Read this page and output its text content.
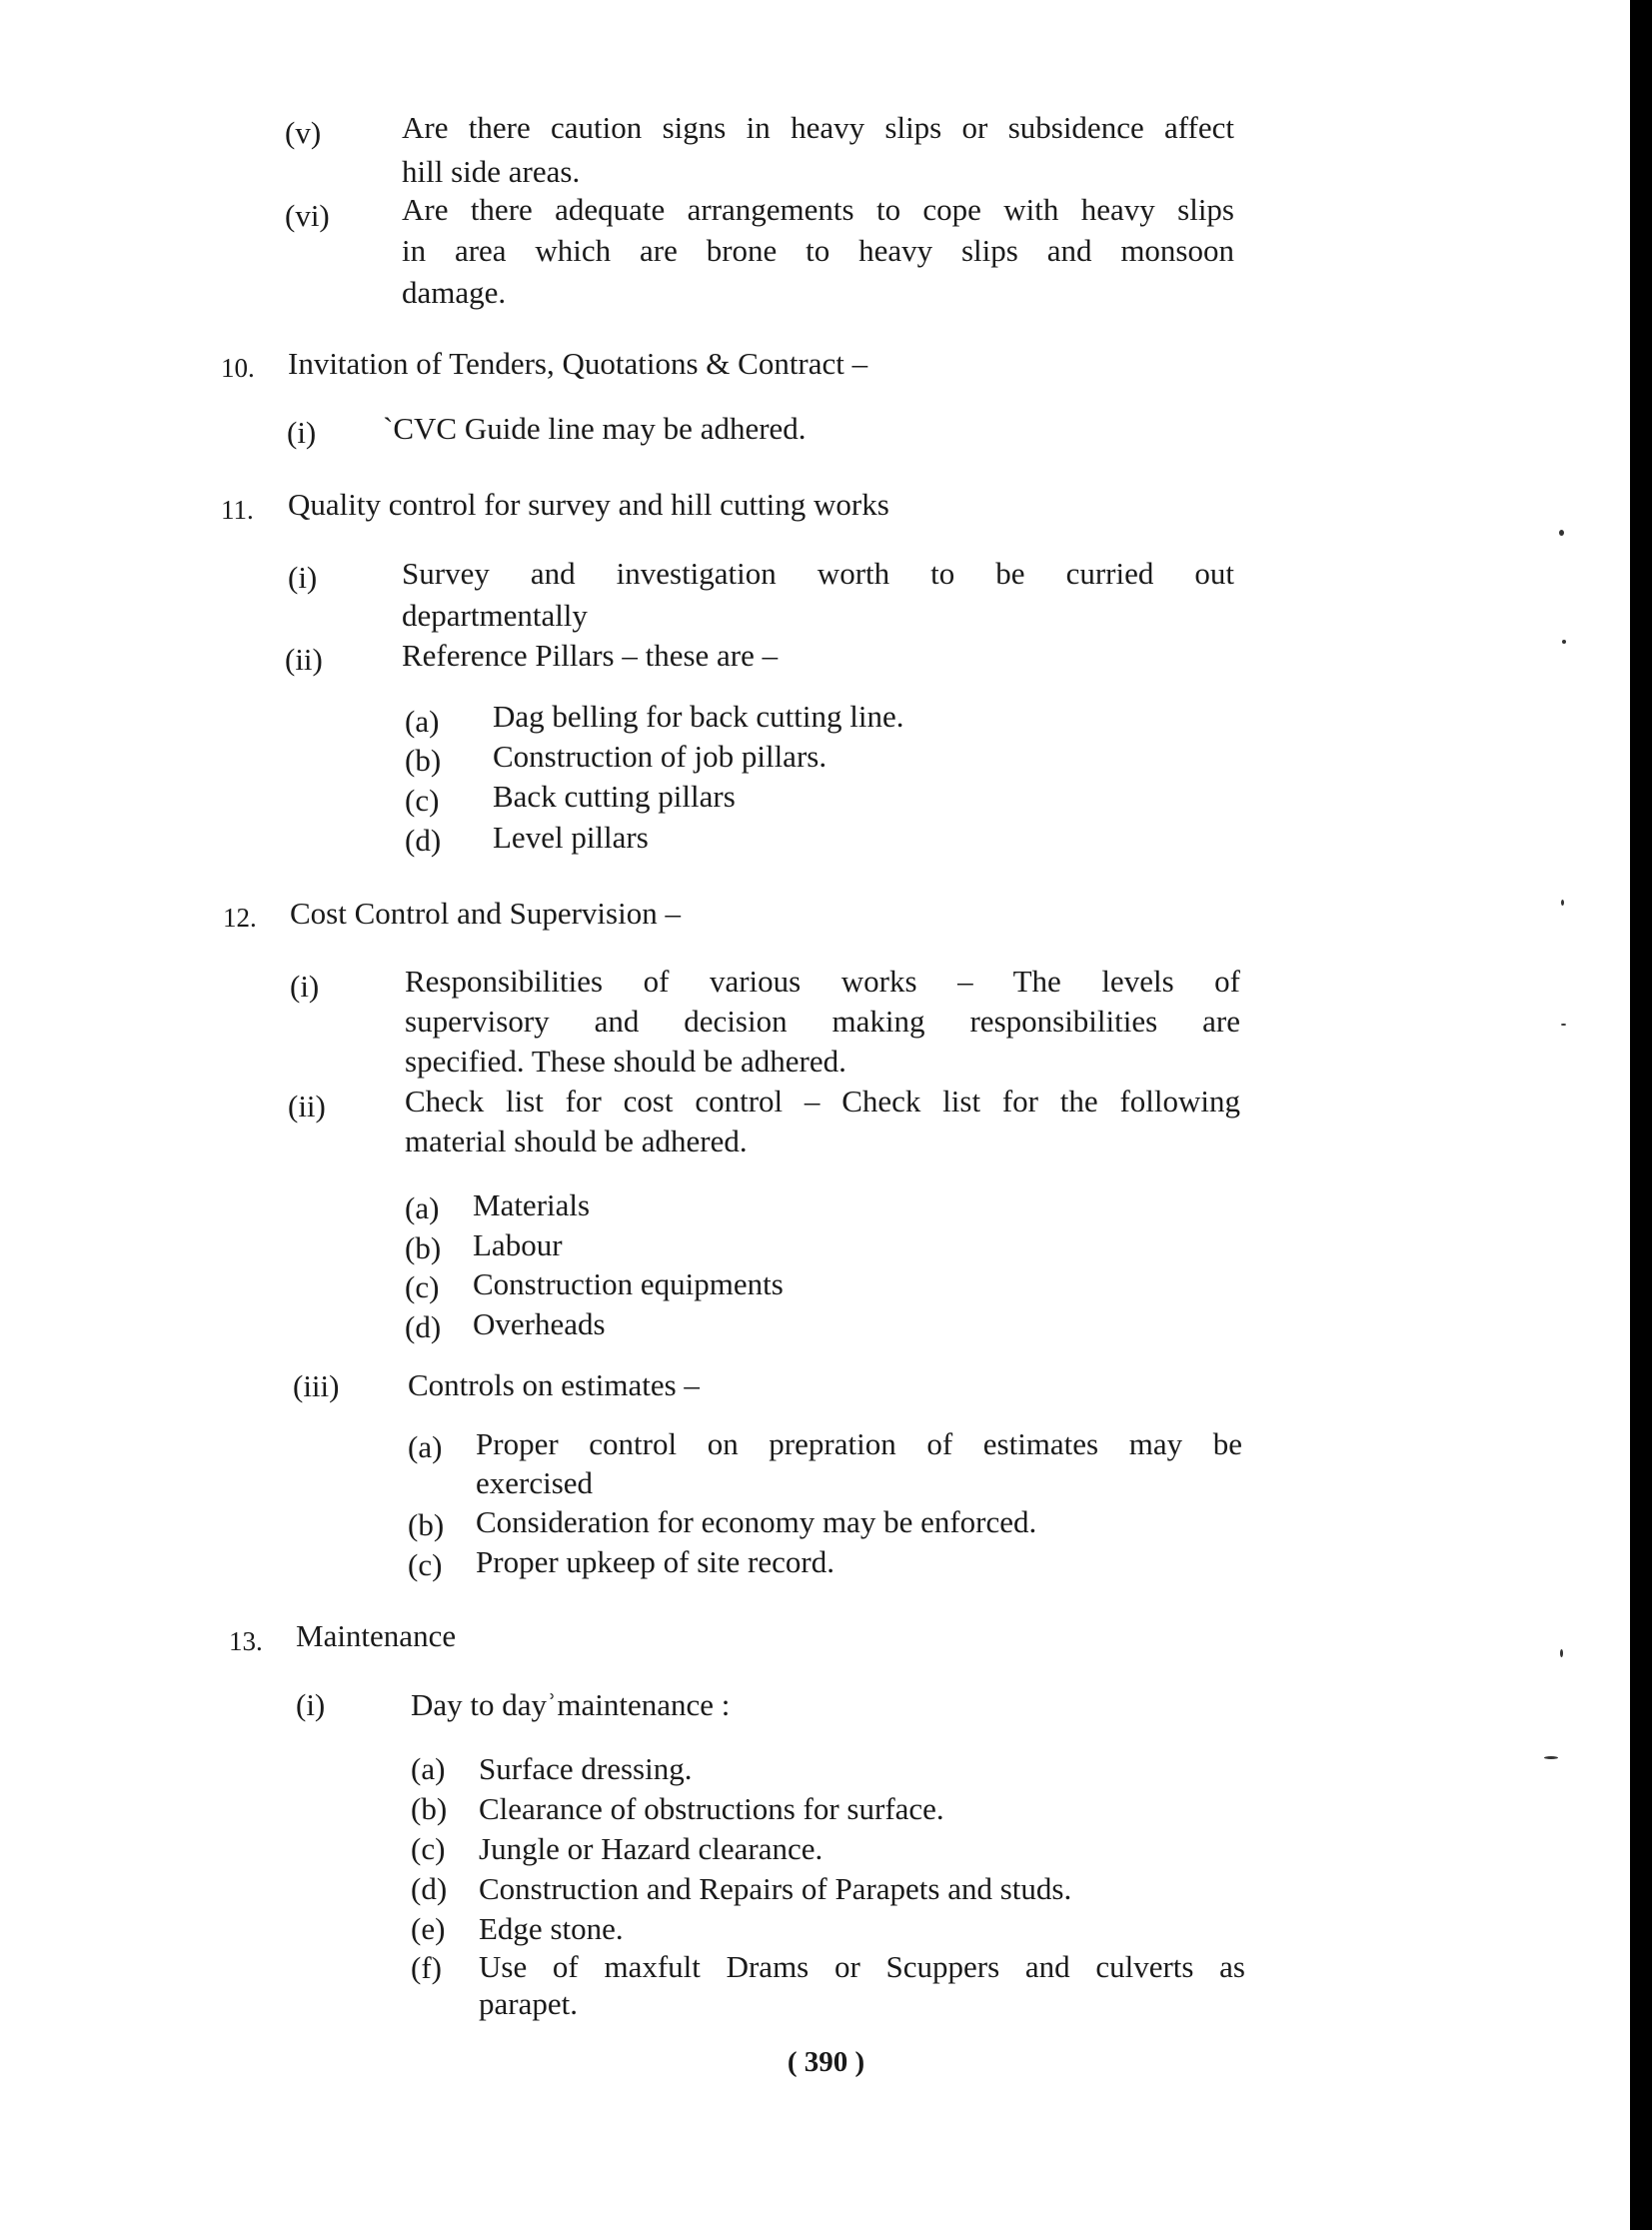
(v)	Are there caution signs in heavy slips or subsidence affect
hill side areas.
(vi) Are there adequate arrangements to cope with heavy slips
in area which are brone to heavy slips and monsoon
damage.
10. Invitation of Tenders, Quotations & Contract –
(i) `CVC Guide line may be adhered.
11. Quality control for survey and hill cutting works
(i)	Survey and investigation worth to be curried out
departmentally
(ii)	Reference Pillars – these are –
(a) Dag belling for back cutting line.
(b) Construction of job pillars.
(c) Back cutting pillars
(d) Level pillars
12. Cost Control and Supervision –
(i)	Responsibilities of various works – The levels of
supervisory and decision making responsibilities are
specified. These should be adhered.
(ii)	Check list for cost control – Check list for the following
material should be adhered.
(a) Materials
(b) Labour
(c) Construction equipments
(d) Overheads
(iii) Controls on estimates –
(a) Proper control on prepration of estimates may be
exercised
(b) Consideration for economy may be enforced.
(c) Proper upkeep of site record.
13. Maintenance
(i)	Day to dayʾmaintenance :
(a) Surface dressing.
(b) Clearance of obstructions for surface.
(c) Jungle or Hazard clearance.
(d) Construction and Repairs of Parapets and studs.
(e) Edge stone.
(f) Use of maxfult Drams or Scuppers and culverts as
parapet.
( 390 )
